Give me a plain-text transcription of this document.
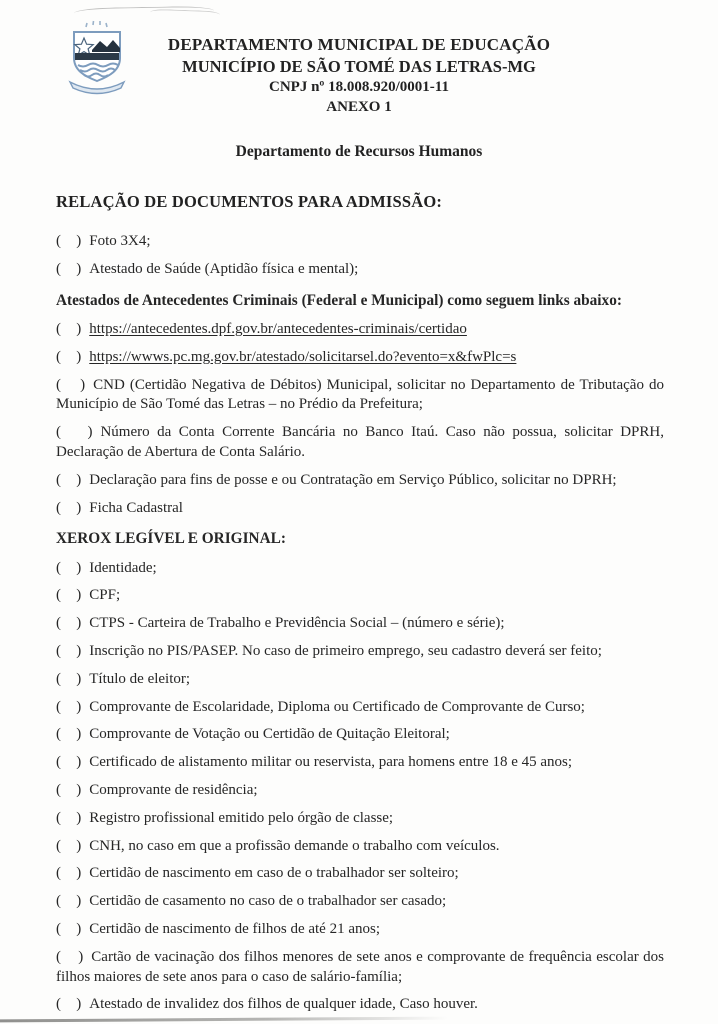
DEPARTAMENTO MUNICIPAL DE EDUCAÇÃO
MUNICÍPIO DE SÃO TOMÉ DAS LETRAS-MG
CNPJ nº 18.008.920/0001-11
ANEXO 1
Departamento de Recursos Humanos

RELAÇÃO DE DOCUMENTOS PARA ADMISSÃO:

(   ) Foto 3X4;

(   ) Atestado de Saúde (Aptidão física e mental);

Atestados de Antecedentes Criminais (Federal e Municipal) como seguem links abaixo:

(   ) https://antecedentes.dpf.gov.br/antecedentes-criminais/certidao

(   ) https://wwws.pc.mg.gov.br/atestado/solicitarsel.do?evento=x&fwPlc=s

(   ) CND (Certidão Negativa de Débitos) Municipal, solicitar no Departamento de Tributação do Município de São Tomé das Letras – no Prédio da Prefeitura;

(   ) Número da Conta Corrente Bancária no Banco Itaú. Caso não possua, solicitar DPRH, Declaração de Abertura de Conta Salário.

(   ) Declaração para fins de posse e ou Contratação em Serviço Público, solicitar no DPRH;

(   ) Ficha Cadastral

XEROX LEGÍVEL E ORIGINAL:

(   ) Identidade;

(   ) CPF;

(   ) CTPS - Carteira de Trabalho e Previdência Social – (número e série);

(   ) Inscrição no PIS/PASEP. No caso de primeiro emprego, seu cadastro deverá ser feito;

(   ) Título de eleitor;

(   ) Comprovante de Escolaridade, Diploma ou Certificado de Comprovante de Curso;

(   ) Comprovante de Votação ou Certidão de Quitação Eleitoral;

(   ) Certificado de alistamento militar ou reservista, para homens entre 18 e 45 anos;

(   ) Comprovante de residência;

(   ) Registro profissional emitido pelo órgão de classe;

(   ) CNH, no caso em que a profissão demande o trabalho com veículos.

(   ) Certidão de nascimento em caso de o trabalhador ser solteiro;

(   ) Certidão de casamento no caso de o trabalhador ser casado;

(   ) Certidão de nascimento de filhos de até 21 anos;

(   ) Cartão de vacinação dos filhos menores de sete anos e comprovante de frequência escolar dos filhos maiores de sete anos para o caso de salário-família;

(   ) Atestado de invalidez dos filhos de qualquer idade, Caso houver.
